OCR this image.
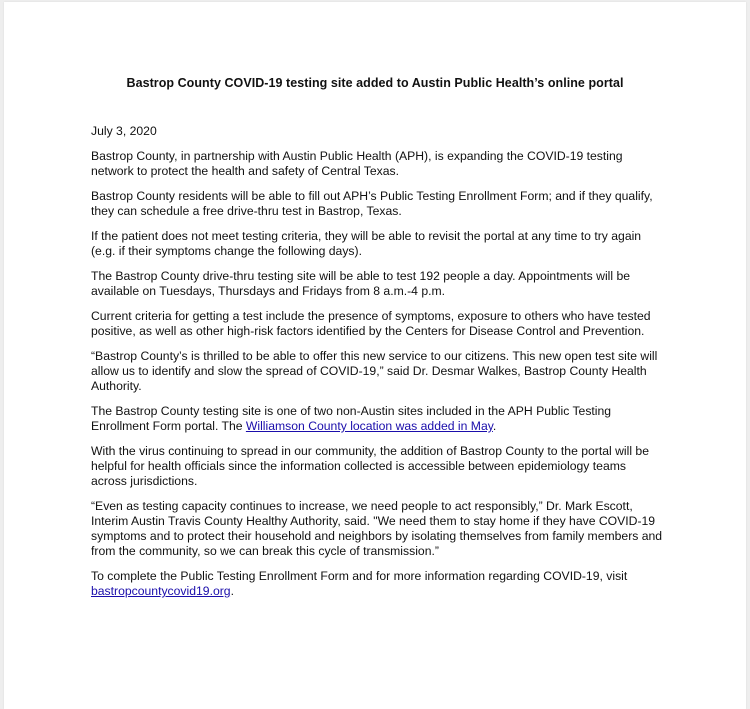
Bastrop County COVID-19 testing site added to Austin Public Health’s online portal

July 3, 2020

Bastrop County, in partnership with Austin Public Health (APH), is expanding the COVID-19 testing network to protect the health and safety of Central Texas.

Bastrop County residents will be able to fill out APH’s Public Testing Enrollment Form; and if they qualify, they can schedule a free drive-thru test in Bastrop, Texas.

If the patient does not meet testing criteria, they will be able to revisit the portal at any time to try again (e.g. if their symptoms change the following days).

The Bastrop County drive-thru testing site will be able to test 192 people a day. Appointments will be available on Tuesdays, Thursdays and Fridays from 8 a.m.-4 p.m.

Current criteria for getting a test include the presence of symptoms, exposure to others who have tested positive, as well as other high-risk factors identified by the Centers for Disease Control and Prevention.

“Bastrop County’s is thrilled to be able to offer this new service to our citizens. This new open test site will allow us to identify and slow the spread of COVID-19,” said Dr. Desmar Walkes, Bastrop County Health Authority.

The Bastrop County testing site is one of two non-Austin sites included in the APH Public Testing Enrollment Form portal. The Williamson County location was added in May.

With the virus continuing to spread in our community, the addition of Bastrop County to the portal will be helpful for health officials since the information collected is accessible between epidemiology teams across jurisdictions.

“Even as testing capacity continues to increase, we need people to act responsibly,” Dr. Mark Escott, Interim Austin Travis County Healthy Authority, said. "We need them to stay home if they have COVID-19 symptoms and to protect their household and neighbors by isolating themselves from family members and from the community, so we can break this cycle of transmission.”

To complete the Public Testing Enrollment Form and for more information regarding COVID-19, visit bastropcountycovid19.org.
